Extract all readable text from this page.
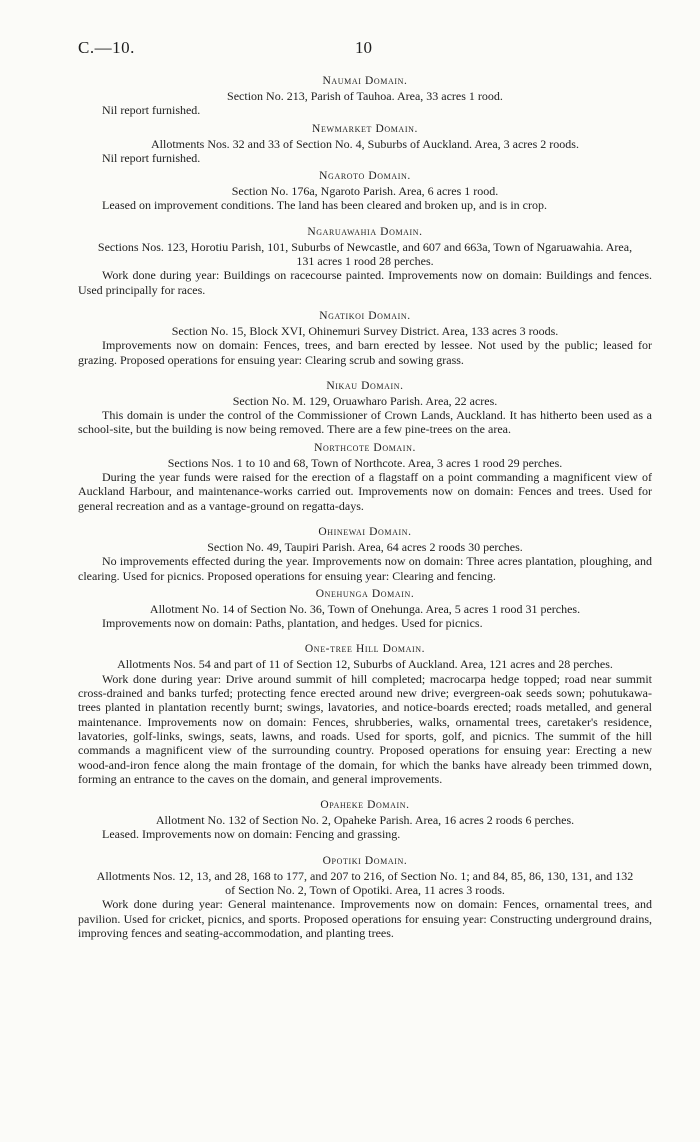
C.—10.	10
Naumai Domain.
Section No. 213, Parish of Tauhoa. Area, 33 acres 1 rood.

Nil report furnished.

Newmarket Domain.
Allotments Nos. 32 and 33 of Section No. 4, Suburbs of Auckland. Area, 3 acres 2 roods.

Nil report furnished.

Ngaroto Domain.
Section No. 176a, Ngaroto Parish. Area, 6 acres 1 rood.

Leased on improvement conditions. The land has been cleared and broken up, and is in crop.

Ngaruawahia Domain.
Sections Nos. 123, Horotiu Parish, 101, Suburbs of Newcastle, and 607 and 663a, Town of Ngaruawahia. Area, 131 acres 1 rood 28 perches.

Work done during year: Buildings on racecourse painted. Improvements now on domain: Buildings and fences. Used principally for races.

Ngatikoi Domain.
Section No. 15, Block XVI, Ohinemuri Survey District. Area, 133 acres 3 roods.

Improvements now on domain: Fences, trees, and barn erected by lessee. Not used by the public; leased for grazing. Proposed operations for ensuing year: Clearing scrub and sowing grass.

Nikau Domain.
Section No. M. 129, Oruawharo Parish. Area, 22 acres.

This domain is under the control of the Commissioner of Crown Lands, Auckland. It has hitherto been used as a school-site, but the building is now being removed. There are a few pine-trees on the area.

Northcote Domain.
Sections Nos. 1 to 10 and 68, Town of Northcote. Area, 3 acres 1 rood 29 perches.

During the year funds were raised for the erection of a flagstaff on a point commanding a magnificent view of Auckland Harbour, and maintenance-works carried out. Improvements now on domain: Fences and trees. Used for general recreation and as a vantage-ground on regatta-days.

Ohinewai Domain.
Section No. 49, Taupiri Parish. Area, 64 acres 2 roods 30 perches.

No improvements effected during the year. Improvements now on domain: Three acres plantation, ploughing, and clearing. Used for picnics. Proposed operations for ensuing year: Clearing and fencing.

Onehunga Domain.
Allotment No. 14 of Section No. 36, Town of Onehunga. Area, 5 acres 1 rood 31 perches.

Improvements now on domain: Paths, plantation, and hedges. Used for picnics.

One-tree Hill Domain.
Allotments Nos. 54 and part of 11 of Section 12, Suburbs of Auckland. Area, 121 acres and 28 perches.

Work done during year: Drive around summit of hill completed; macrocarpa hedge topped; road near summit cross-drained and banks turfed; protecting fence erected around new drive; evergreen-oak seeds sown; pohutukawa-trees planted in plantation recently burnt; swings, lavatories, and notice-boards erected; roads metalled, and general maintenance. Improvements now on domain: Fences, shrubberies, walks, ornamental trees, caretaker's residence, lavatories, golf-links, swings, seats, lawns, and roads. Used for sports, golf, and picnics. The summit of the hill commands a magnificent view of the surrounding country. Proposed operations for ensuing year: Erecting a new wood-and-iron fence along the main frontage of the domain, for which the banks have already been trimmed down, forming an entrance to the caves on the domain, and general improvements.

Opaheke Domain.
Allotment No. 132 of Section No. 2, Opaheke Parish. Area, 16 acres 2 roods 6 perches.

Leased. Improvements now on domain: Fencing and grassing.

Opotiki Domain.
Allotments Nos. 12, 13, and 28, 168 to 177, and 207 to 216, of Section No. 1; and 84, 85, 86, 130, 131, and 132 of Section No. 2, Town of Opotiki. Area, 11 acres 3 roods.

Work done during year: General maintenance. Improvements now on domain: Fences, ornamental trees, and pavilion. Used for cricket, picnics, and sports. Proposed operations for ensuing year: Constructing underground drains, improving fences and seating-accommodation, and planting trees.
